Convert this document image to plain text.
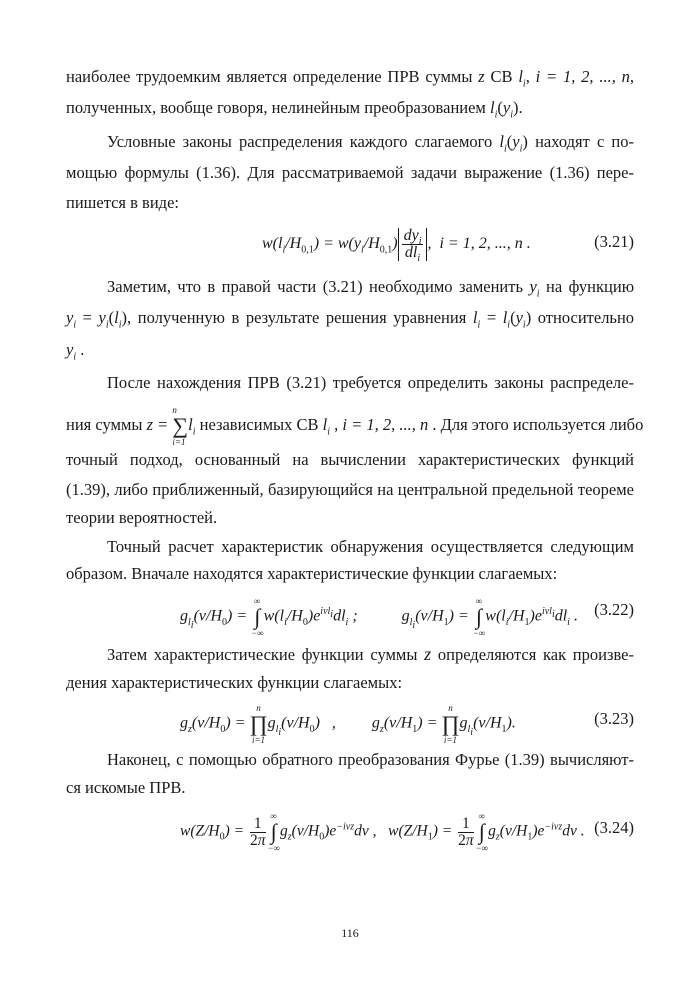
наиболее трудоемким является определение ПРВ суммы z СВ $l_i$, i = 1, 2, ..., n,
полученных, вообще говоря, нелинейным преобразованием $l_i(y_i)$.
Условные законы распределения каждого слагаемого $l_i(y_i)$ находят с по-
мощью формулы (1.36). Для рассматриваемой задачи выражение (1.36) пере-
пишется в виде:
$w(l_i/H_{0,1}) = w(y_i/H_{0,1}) \frac{dy_i}{dl_i}$ ,  i = 1, 2, ..., n .	(3.21)
Заметим, что в правой части (3.21) необходимо заменить $y_i$ на функцию
$y_i = y_i(l_i)$, полученную в результате решения уравнения $l_i = l_i(y_i)$ относительно
$y_i$ .
После нахождения ПРВ (3.21) требуется определить законы распределе-
ния суммы z = n
∑
$i=1l_i$ независимых СВ $l_i$ , i = 1, 2, ..., n . Для этого используется либо
точный подход, основанный на вычислении характеристических функций
(1.39), либо приближенный, базирующийся на центральной предельной теореме
теории вероятностей.
Точный расчет характеристик обнаружения осуществляется следующим
образом. Вначале находятся характеристические функции слагаемых:
$g_{l_i}(v/H_0)$ = ∞
∫
$-\infty w(l_i/H_0)e^{ivl_i}dl_i$ ;           $g_{l_i}(v/H_1)$ = ∞
∫
$-\infty w(l_i/H_1)e^{ivl_i}dl_i$ . (3.22)
Затем характеристические функции суммы z определяются как произве-
дения характеристических функции слагаемых:
$g_z(v/H_0) = n$
∏
$i=1g_{l_i}(v/H_0)$   ,         $g_z(v/H_1) = n$
∏
$i=1g_{l_i}(v/H_1)$.	(3.23)
Наконец, с помощью обратного преобразования Фурье (1.39) вычисляют-
ся искомые ПРВ.
$w(Z/H_0) = \frac{1}{2\pi}$ ∞
∫
$-\infty g_z(v/H_0)e^{-ivz}d\nu$ ,   $w(Z/H_1) = \frac{1}{2\pi}$ ∞
∫
$-\infty g_z(v/H_1)e^{-ivz}d\nu$ . (3.24)
116
